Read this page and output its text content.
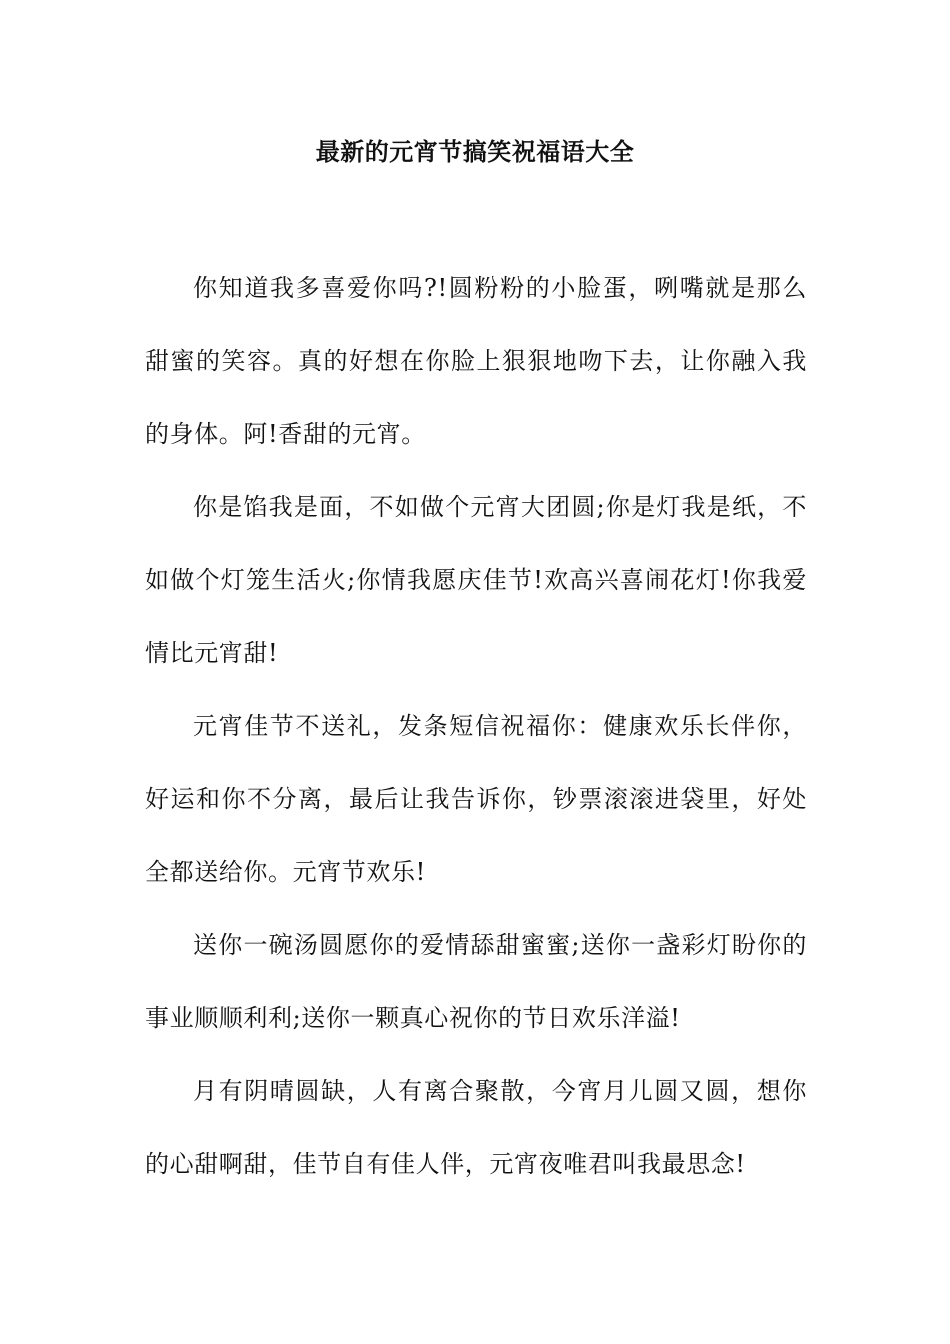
最新的元宵节搞笑祝福语大全

你知道我多喜爱你吗?!圆粉粉的小脸蛋，咧嘴就是那么甜蜜的笑容。真的好想在你脸上狠狠地吻下去，让你融入我的身体。阿!香甜的元宵。

你是馅我是面，不如做个元宵大团圆;你是灯我是纸，不如做个灯笼生活火;你情我愿庆佳节!欢高兴喜闹花灯!你我爱情比元宵甜!

元宵佳节不送礼，发条短信祝福你：健康欢乐长伴你，好运和你不分离，最后让我告诉你，钞票滚滚进袋里，好处全都送给你。元宵节欢乐!

送你一碗汤圆愿你的爱情舔甜蜜蜜;送你一盏彩灯盼你的事业顺顺利利;送你一颗真心祝你的节日欢乐洋溢!

月有阴晴圆缺，人有离合聚散，今宵月儿圆又圆，想你的心甜啊甜，佳节自有佳人伴，元宵夜唯君叫我最思念!
